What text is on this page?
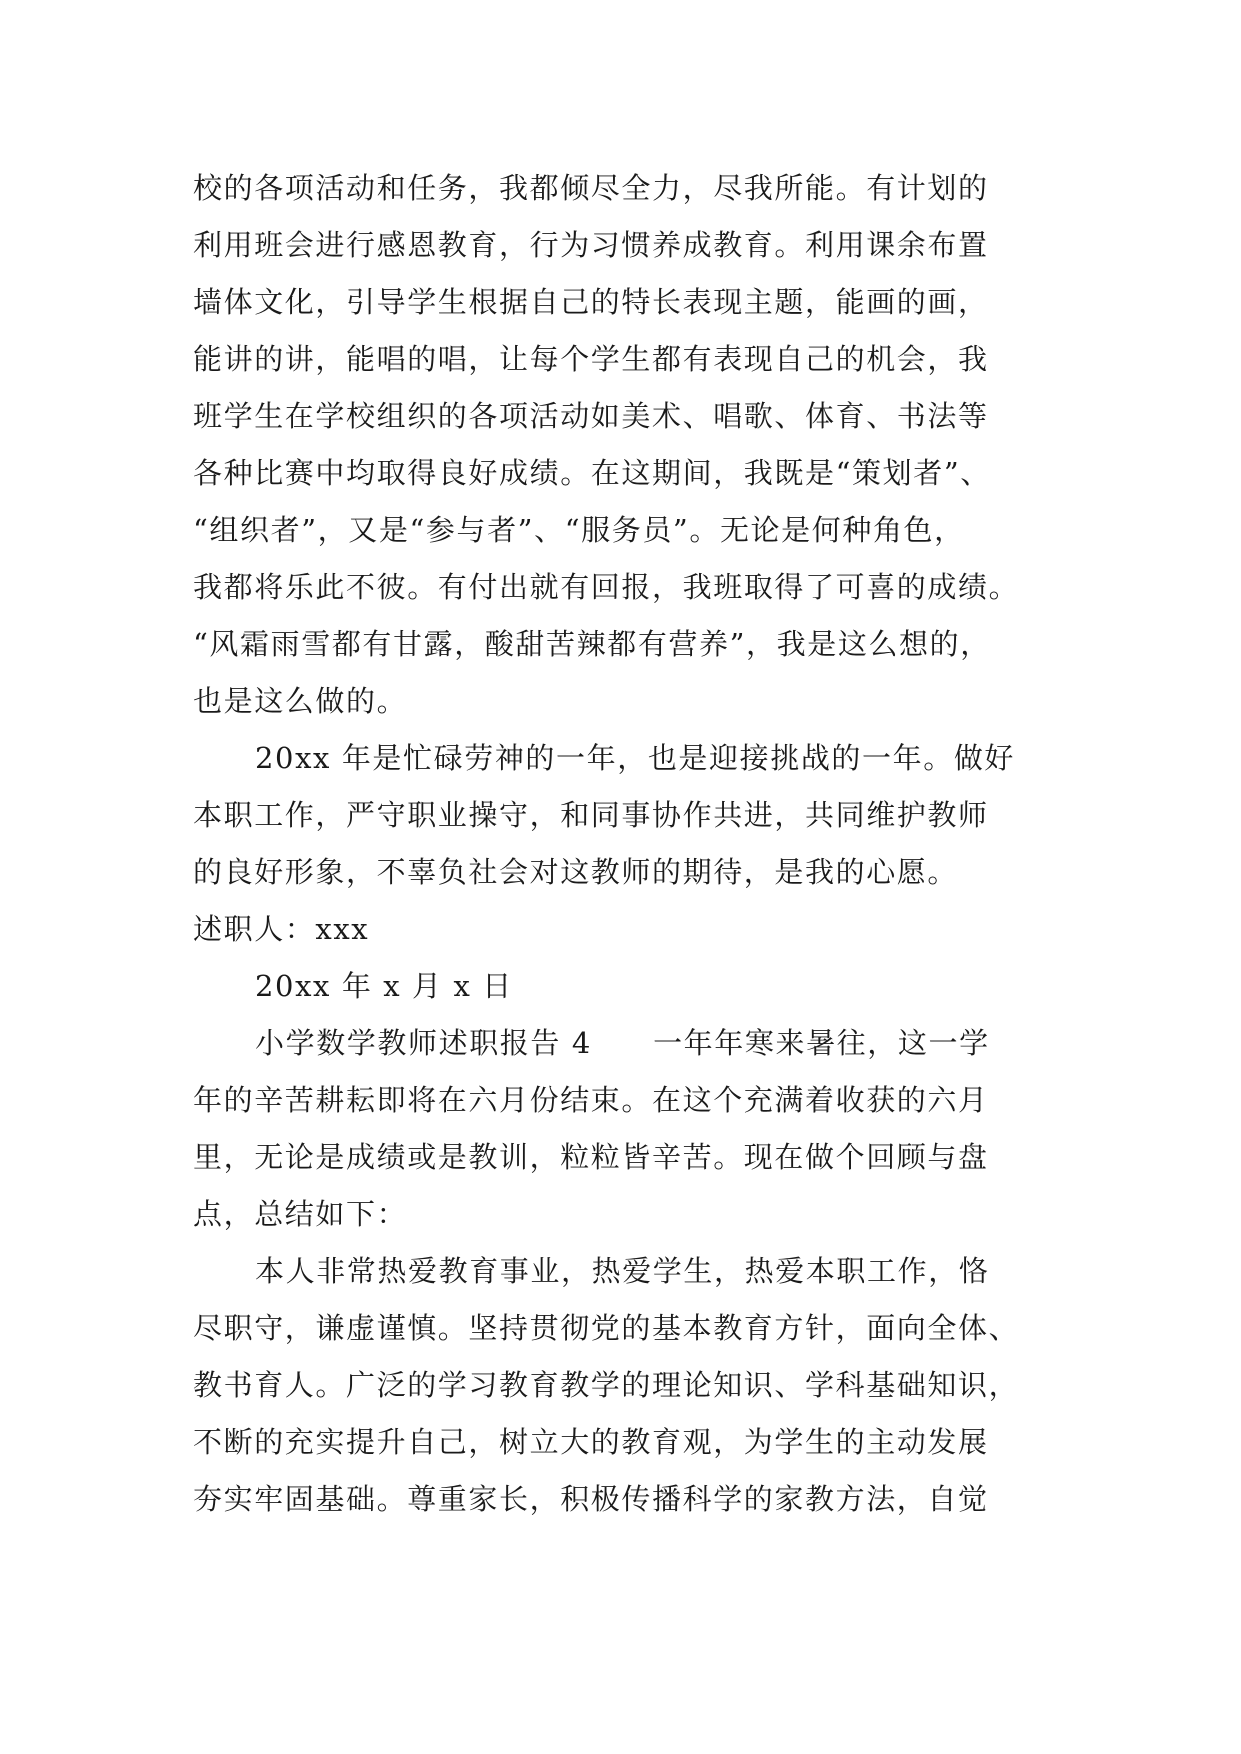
校的各项活动和任务，我都倾尽全力，尽我所能。有计划的
利用班会进行感恩教育，行为习惯养成教育。利用课余布置
墙体文化，引导学生根据自己的特长表现主题，能画的画，
能讲的讲，能唱的唱，让每个学生都有表现自己的机会，我
班学生在学校组织的各项活动如美术、唱歌、体育、书法等
各种比赛中均取得良好成绩。在这期间，我既是“策划者”、
“组织者”，又是“参与者”、“服务员”。无论是何种角色，
我都将乐此不彼。有付出就有回报，我班取得了可喜的成绩。
“风霜雨雪都有甘露，酸甜苦辣都有营养”，我是这么想的，
也是这么做的。
20xx 年是忙碌劳神的一年，也是迎接挑战的一年。做好
本职工作，严守职业操守，和同事协作共进，共同维护教师
的良好形象，不辜负社会对这教师的期待，是我的心愿。
述职人：xxx
20xx 年 x 月 x 日
小学数学教师述职报告 4　　一年年寒来暑往，这一学
年的辛苦耕耘即将在六月份结束。在这个充满着收获的六月
里，无论是成绩或是教训，粒粒皆辛苦。现在做个回顾与盘
点，总结如下：
本人非常热爱教育事业，热爱学生，热爱本职工作，恪
尽职守，谦虚谨慎。坚持贯彻党的基本教育方针，面向全体、
教书育人。广泛的学习教育教学的理论知识、学科基础知识，
不断的充实提升自己，树立大的教育观，为学生的主动发展
夯实牢固基础。尊重家长，积极传播科学的家教方法，自觉
